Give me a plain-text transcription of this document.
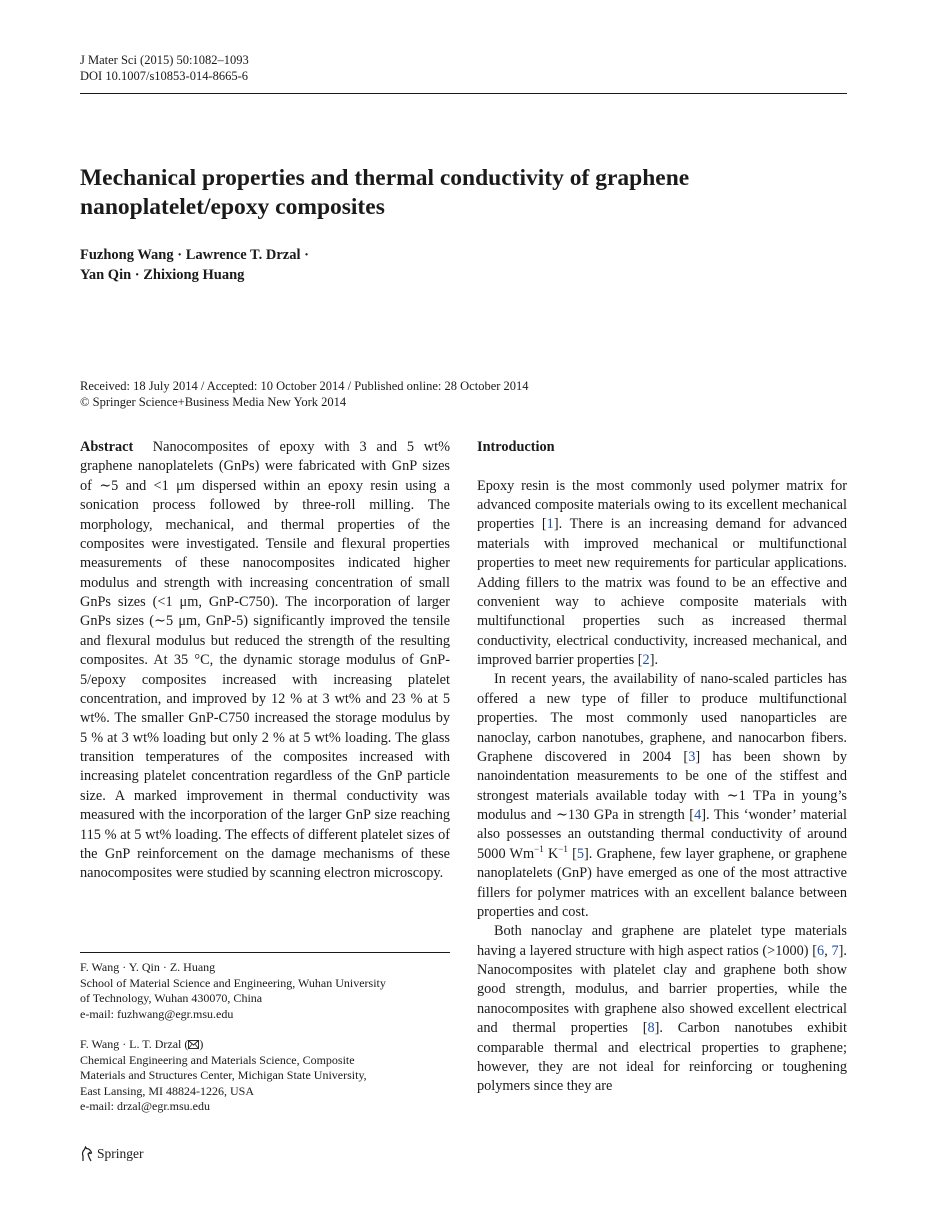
J Mater Sci (2015) 50:1082–1093
DOI 10.1007/s10853-014-8665-6
Mechanical properties and thermal conductivity of graphene nanoplatelet/epoxy composites
Fuzhong Wang · Lawrence T. Drzal ·
Yan Qin · Zhixiong Huang
Received: 18 July 2014 / Accepted: 10 October 2014 / Published online: 28 October 2014
© Springer Science+Business Media New York 2014

Abstract Nanocomposites of epoxy with 3 and 5 wt% graphene nanoplatelets (GnPs) were fabricated with GnP sizes of ∼5 and <1 μm dispersed within an epoxy resin using a sonication process followed by three-roll milling. The morphology, mechanical, and thermal properties of the composites were investigated. Tensile and flexural properties measurements of these nanocomposites indicated higher modulus and strength with increasing concentration of small GnPs sizes (<1 μm, GnP-C750). The incorporation of larger GnPs sizes (∼5 μm, GnP-5) significantly improved the tensile and flexural modulus but reduced the strength of the resulting composites. At 35 °C, the dynamic storage modulus of GnP-5/epoxy composites increased with increasing platelet concentration, and improved by 12 % at 3 wt% and 23 % at 5 wt%. The smaller GnP-C750 increased the storage modulus by 5 % at 3 wt% loading but only 2 % at 5 wt% loading. The glass transition temperatures of the composites increased with increasing platelet concentration regardless of the GnP particle size. A marked improvement in thermal conductivity was measured with the incorporation of the larger GnP size reaching 115 % at 5 wt% loading. The effects of different platelet sizes of the GnP reinforcement on the damage mechanisms of these nanocomposites were studied by scanning electron microscopy.

F. Wang · Y. Qin · Z. Huang
School of Material Science and Engineering, Wuhan University
of Technology, Wuhan 430070, China
e-mail: fuzhwang@egr.msu.edu
F. Wang · L. T. Drzal ( )
Chemical Engineering and Materials Science, Composite
Materials and Structures Center, Michigan State University,
East Lansing, MI 48824-1226, USA
e-mail: drzal@egr.msu.edu

Introduction

Epoxy resin is the most commonly used polymer matrix for advanced composite materials owing to its excellent mechanical properties [1]. There is an increasing demand for advanced materials with improved mechanical or multifunctional properties to meet new requirements for particular applications. Adding fillers to the matrix was found to be an effective and convenient way to achieve composite materials with multifunctional properties such as increased thermal conductivity, electrical conductivity, increased mechanical, and improved barrier properties [2].

In recent years, the availability of nano-scaled particles has offered a new type of filler to produce multifunctional properties. The most commonly used nanoparticles are nanoclay, carbon nanotubes, graphene, and nanocarbon fibers. Graphene discovered in 2004 [3] has been shown by nanoindentation measurements to be one of the stiffest and strongest materials available today with ∼1 TPa in young’s modulus and ∼130 GPa in strength [4]. This ‘wonder’ material also possesses an outstanding thermal conductivity of around 5000 $Wm^{-1}$ $K^{-1}$ [5]. Graphene, few layer graphene, or graphene nanoplatelets (GnP) have emerged as one of the most attractive fillers for polymer matrices with an excellent balance between properties and cost.

Both nanoclay and graphene are platelet type materials having a layered structure with high aspect ratios (>1000) [6, 7]. Nanocomposites with platelet clay and graphene both show good strength, modulus, and barrier properties, while the nanocomposites with graphene also showed excellent electrical and thermal properties [8]. Carbon nanotubes exhibit comparable thermal and electrical properties to graphene; however, they are not ideal for reinforcing or toughening polymers since they are

Springer
